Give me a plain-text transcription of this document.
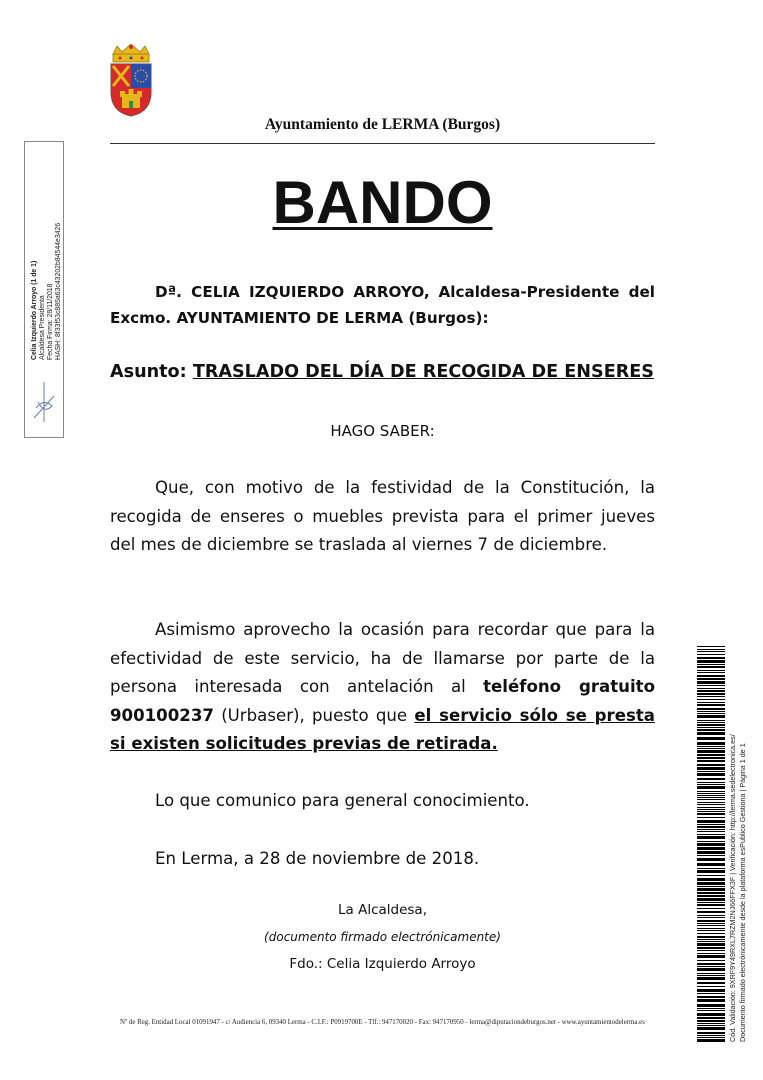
Ayuntamiento de LERMA (Burgos)
BANDO
Dª. CELIA IZQUIERDO ARROYO, Alcaldesa-Presidente del Excmo. AYUNTAMIENTO DE LERMA (Burgos):
Asunto: TRASLADO DEL DÍA DE RECOGIDA DE ENSERES
HAGO SABER:
Que, con motivo de la festividad de la Constitución, la recogida de enseres o muebles prevista para el primer jueves del mes de diciembre se traslada al viernes 7 de diciembre.
Asimismo aprovecho la ocasión para recordar que para la efectividad de este servicio, ha de llamarse por parte de la persona interesada con antelación al teléfono gratuito 900100237 (Urbaser), puesto que el servicio sólo se presta si existen solicitudes previas de retirada.
Lo que comunico para general conocimiento.
En Lerma, a 28 de noviembre de 2018.
La Alcaldesa,
(documento firmado electrónicamente)
Fdo.: Celia Izquierdo Arroyo
Nº de Reg. Entidad Local 01091947 - c/ Audiencia 6, 09340 Lerma - C.I.F.: P0919700E - Tlf.: 947170020 - Fax: 947170950 - lerma@diputaciondeburgos.net - www.ayuntamientodelerma.es
Celia Izquierdo Arroyo (1 de 1) Alcaldesa Presidenta Fecha Firma: 28/11/2018 HASH: 8f33f53c885a63c43202b84544e3426
Cód. Validación: 9XRF9Y49RXL7RZM2NJ66FFX3F | Verificación: http://lerma.sedelectronica.es/ Documento firmado electrónicamente desde la plataforma esPublico Gestiona | Página 1 de 1
